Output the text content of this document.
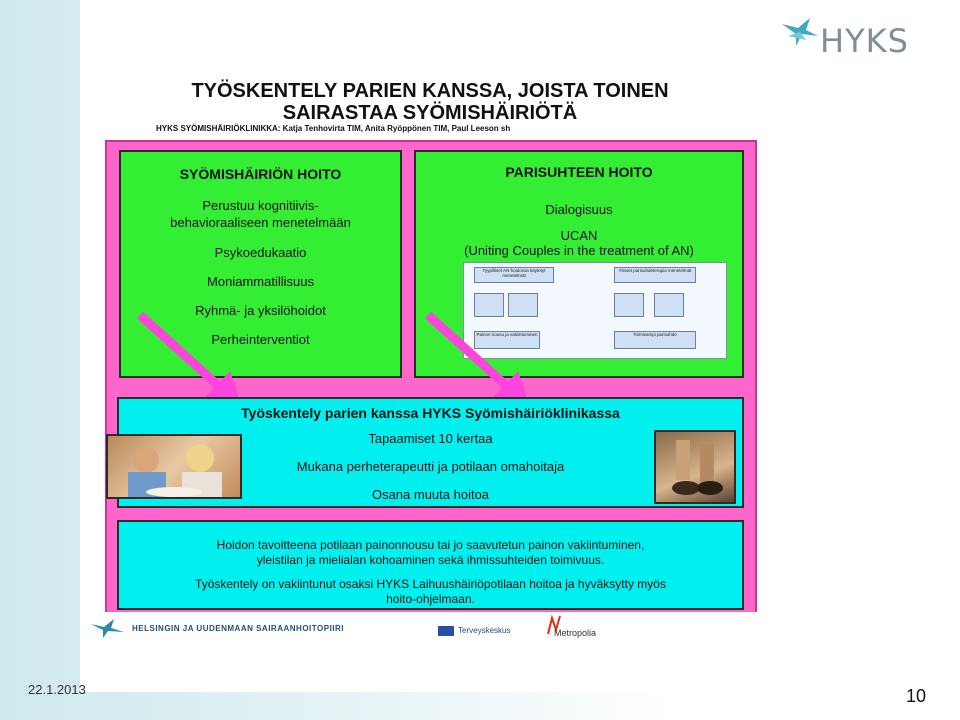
HYKS
TYÖSKENTELY PARIEN KANSSA, JOISTA TOINEN
SAIRASTAA SYÖMISHÄIRIÖTÄ
HYKS SYÖMISHÄIRIÖKLINIKKA: Katja Tenhovirta TIM, Anita Ryöppönen TIM, Paul Leeson sh
SYÖMISHÄIRIÖN HOITO
Perustuu kognitiivis-
behavioraaliseen menetelmään
Psykoedukaatio
Moniammatillisuus
Ryhmä- ja yksilöhoidot
Perheinterventiot
PARISUHTEEN HOITO
Dialogisuus
UCAN
(Uniting Couples in the treatment of AN)
Tyypilliset AN-hoidossa käytetyt menetelmät
Yleiset parisuhdeterapia menetelmät
Painon nousu ja vakiintuminen	Toimivampi parisuhde
Työskentely parien kanssa HYKS Syömishäiriöklinikassa
Tapaamiset 10 kertaa
Mukana perheterapeutti ja potilaan omahoitaja
Osana muuta hoitoa
Hoidon tavoitteena potilaan painonnousu tai jo saavutetun painon vakiintuminen,
yleistilan ja mielialan kohoaminen sekä ihmissuhteiden toimivuus.
Työskentely on vakiintunut osaksi HYKS Laihuushäiriöpotilaan hoitoa ja hyväksytty myös
hoito-ohjelmaan.
HELSINGIN JA UUDENMAAN SAIRAANHOITOPIIRI	Terveyskeskus	Metropolia
22.1.2013	10
